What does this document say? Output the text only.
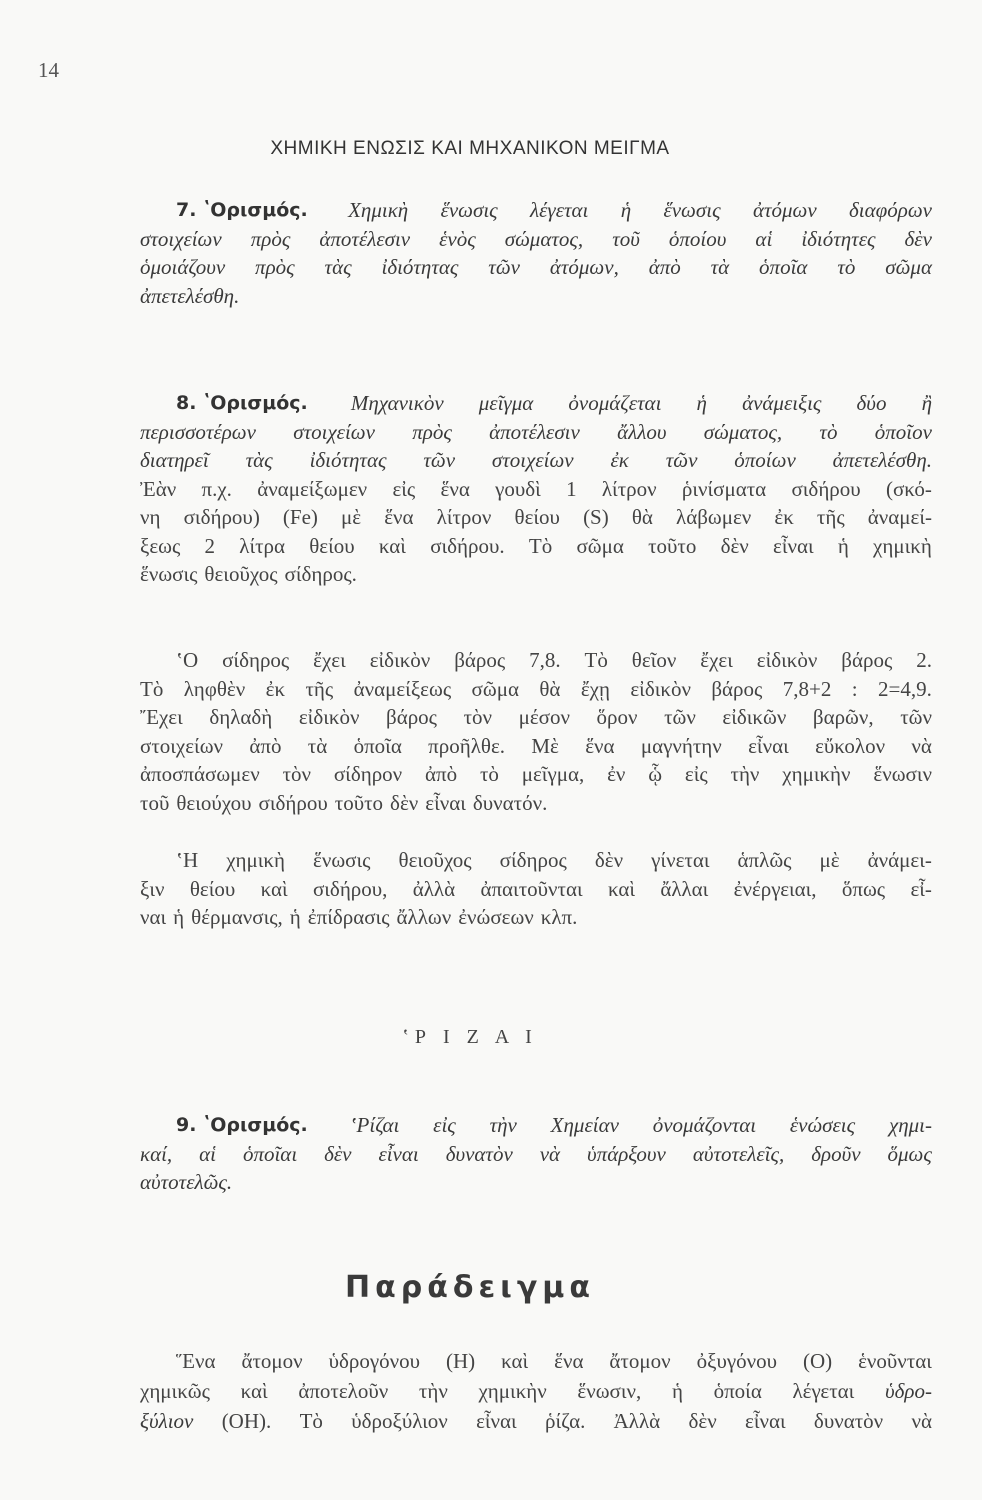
14
ΧΗΜΙΚΗ ΕΝΩΣΙΣ ΚΑΙ ΜΗΧΑΝΙΚΟΝ ΜΕΙΓΜΑ
7. ʽΟρισμός. Χημικὴ ἕνωσις λέγεται ἡ ἕνωσις ἀτόμων διαφόρων
στοιχείων πρὸς ἀποτέλεσιν ἑνὸς σώματος, τοῦ ὁποίου αἱ ἰδιότητες δὲν
ὁμοιάζουν πρὸς τὰς ἰδιότητας τῶν ἀτόμων, ἀπὸ τὰ ὁποῖα τὸ σῶμα
ἀπετελέσθη.
8. ʽΟρισμός. Μηχανικὸν μεῖγμα ὀνομάζεται ἡ ἀνάμειξις δύο ἢ
περισσοτέρων στοιχείων πρὸς ἀποτέλεσιν ἄλλου σώματος, τὸ ὁποῖον
διατηρεῖ τὰς ἰδιότητας τῶν στοιχείων ἐκ τῶν ὁποίων ἀπετελέσθη.
Ἐὰν π.χ. ἀναμείξωμεν εἰς ἕνα γουδὶ 1 λίτρον ῥινίσματα σιδήρου (σκό-
νη σιδήρου) (Fe) μὲ ἕνα λίτρον θείου (S) θὰ λάβωμεν ἐκ τῆς ἀναμεί-
ξεως 2 λίτρα θείου καὶ σιδήρου. Τὸ σῶμα τοῦτο δὲν εἶναι ἡ χημικὴ
ἕνωσις θειοῦχος σίδηρος.
ʽΟ σίδηρος ἔχει εἰδικὸν βάρος 7,8. Τὸ θεῖον ἔχει εἰδικὸν βάρος 2.
Τὸ ληφθὲν ἐκ τῆς ἀναμείξεως σῶμα θὰ ἔχῃ εἰδικὸν βάρος 7,8+2 : 2=4,9.
Ἔχει δηλαδὴ εἰδικὸν βάρος τὸν μέσον ὅρον τῶν εἰδικῶν βαρῶν, τῶν
στοιχείων ἀπὸ τὰ ὁποῖα προῆλθε. Μὲ ἕνα μαγνήτην εἶναι εὔκολον νὰ
ἀποσπάσωμεν τὸν σίδηρον ἀπὸ τὸ μεῖγμα, ἐν ᾧ εἰς τὴν χημικὴν ἕνωσιν
τοῦ θειούχου σιδήρου τοῦτο δὲν εἶναι δυνατόν.
ʽΗ χημικὴ ἕνωσις θειοῦχος σίδηρος δὲν γίνεται ἁπλῶς μὲ ἀνάμει-
ξιν θείου καὶ σιδήρου, ἀλλὰ ἀπαιτοῦνται καὶ ἄλλαι ἐνέργειαι, ὅπως εἶ-
ναι ἡ θέρμανσις, ἡ ἐπίδρασις ἄλλων ἐνώσεων κλπ.
ʽΡ Ι Ζ Α Ι
9. ʽΟρισμός. ʽΡίζαι εἰς τὴν Χημείαν ὀνομάζονται ἑνώσεις χημι-
καί, αἱ ὁποῖαι δὲν εἶναι δυνατὸν νὰ ὑπάρξουν αὐτοτελεῖς, δροῦν ὅμως
αὐτοτελῶς.
Παράδειγμα
Ἕνα ἄτομον ὑδρογόνου (Η) καὶ ἕνα ἄτομον ὀξυγόνου (Ο) ἑνοῦνται
χημικῶς καὶ ἀποτελοῦν τὴν χημικὴν ἕνωσιν, ἡ ὁποία λέγεται ὑδρο-
ξύλιον (ΟΗ). Τὸ ὑδροξύλιον εἶναι ῥίζα. Ἀλλὰ δὲν εἶναι δυνατὸν νὰ
